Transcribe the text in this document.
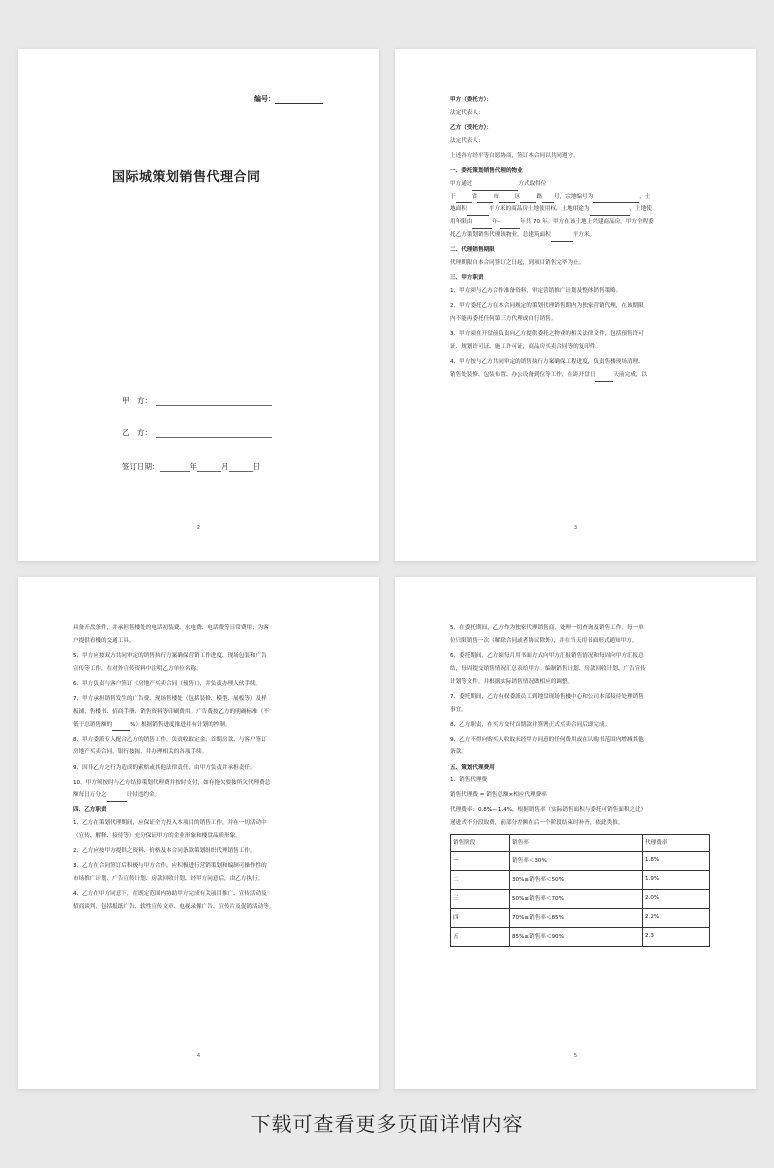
编号：
国际城策划销售代理合同
甲　方：
乙　方：
签订日期：	年	月	日
2
甲方（委托方）：
法定代表人：
乙方（受托方）：
法定代表人：
上述各方经平等自愿协商，签订本合同以共同遵守。
一、委托策划销售代理的物业
甲方通过	方式取得位
于	省	市	区	路 号，宗地编号为	，土
地面积	平方米的商品房土地使用权，土地用途为	，土地使
用年限由	年-	年共 70 年。甲方在该土地上兴建商品房。甲方全程委
托乙方策划销售代理该物业，总建筑面积	平方米。
二、代理销售期限
代理期限自本合同签订之日起，到项目销售完毕为止。
三、甲方职责
1、甲方须与乙方合作准备资料，审定营销推广计划及整体销售策略。
2、甲方委托乙方在本合同规定的策划代理销售期内为独家营销代理，在该期限
内不能再委托任何第三方代理或自行销售。
3、甲方须在开盘前负责向乙方提供委托之物业的相关法律文件，包括预售许可
证、规划许可证、施工许可证，商品房买卖合同等的复印件。
4、甲方按与乙方共同审定的销售执行方案确保工程进度，负责售楼现场清理、
销售处装修、包装布置、办公设备到位等工作，在距开盘日	天前完成，以
3
具备开盘条件，并承担售楼处的电话初装费、水电费、电话费等日常费用；为客
户提供看楼的交通工具。
5、甲方应按双方共同审定的销售执行方案确保营销工作进度，现场包装和广告
宣传等工作，在对外宣传资料中注明乙方单位名称。
6、甲方负责与客户签订《房地产买卖合同（预售）》，并负责办理入伙手续。
7、甲方承担销售发生的广告费、现场售楼处（包括装修、模型、展板等）及样
板铺、售楼书、招商手册、销售资料等印刷费用。广告费按乙方的明确标准（不
低于总销售额的	%）根据销售进度推进并有计划的控制。
8、甲方委派专人配合乙方的销售工作，负责收取定金、首期房款、与客户签订
房地产买卖合同，银行按揭、并办理相关的各项手续。
9、因非乙方之行为造成的索赔或其他法律责任，由甲方负责并承担责任。
10、甲方须按时与乙方结算策划代理费并按时支付，如有拖欠要按所欠代理费总
额每日万分之	计付违约金。
四、乙方职责
1、乙方在策划代理期间，应保证全力投入本项目的销售工作，并在一切活动中
（宣传、解释、接待等）充分保证甲方的企业形象和楼盘品质形象。
2、乙方应按甲方提供之资料、价格及本合同条款策划组织代理销售工作。
3、乙方在合同签订后积极与甲方合作，应积极进行营销策划和编制可操作性的
市场推广计划、广告宣传计划、房款回收计划、经甲方同意后，由乙方执行。
4、乙方在甲方同意下，在既定范围内协助甲方完成有关项目推广、宣传活动及
招商谈判，包括报纸广告、软性宣传文章、电视录像广告、宣传片及促销活动等。
4
5、在委托期间，乙方作为独家代理销售商，处理一切查询及销售工作，每一单
位只限销售一次（解除合同或者协议除外），并在当天用书面形式通知甲方。
6、委托期间，乙方须每月用书面方式向甲方汇报销售情况和每周向甲方汇报总
结，每周提交销售情况汇总表给甲方。编制销售计划、房款回收计划、广告宣传
计划等文件，并根据实际销售情况做相应的调整。
7、委托期间，乙方有权委派员工到地盘现场售楼中心和公司本部接待处理销售
事宜。
8、乙方职责，在买方交付首期款并签署正式买卖合同后即完成。
9、乙方不得向购买人收取未经甲方同意的任何费用或在认购书范围内增减其他
条款。
五、策划代理费用
1、销售代理费
销售代理费 = 销售总额×相应代理费率
代理费率：0.8%—1.4%，根据销售率（实际销售面积与委托可销售面积之比）
递进式不分段取费，前部分差额在后一个阶段结束时补齐，依此类推。
销售阶段	销售率	代理费率
一	销售率＜30%	1.8%
二	30%≤销售率＜50%	1.9%
三	50%≤销售率＜70%	2.0%
四	70%≤销售率＜85%	2.2%
五	85%≤销售率＜90%	2.3
5
下载可查看更多页面详情内容
